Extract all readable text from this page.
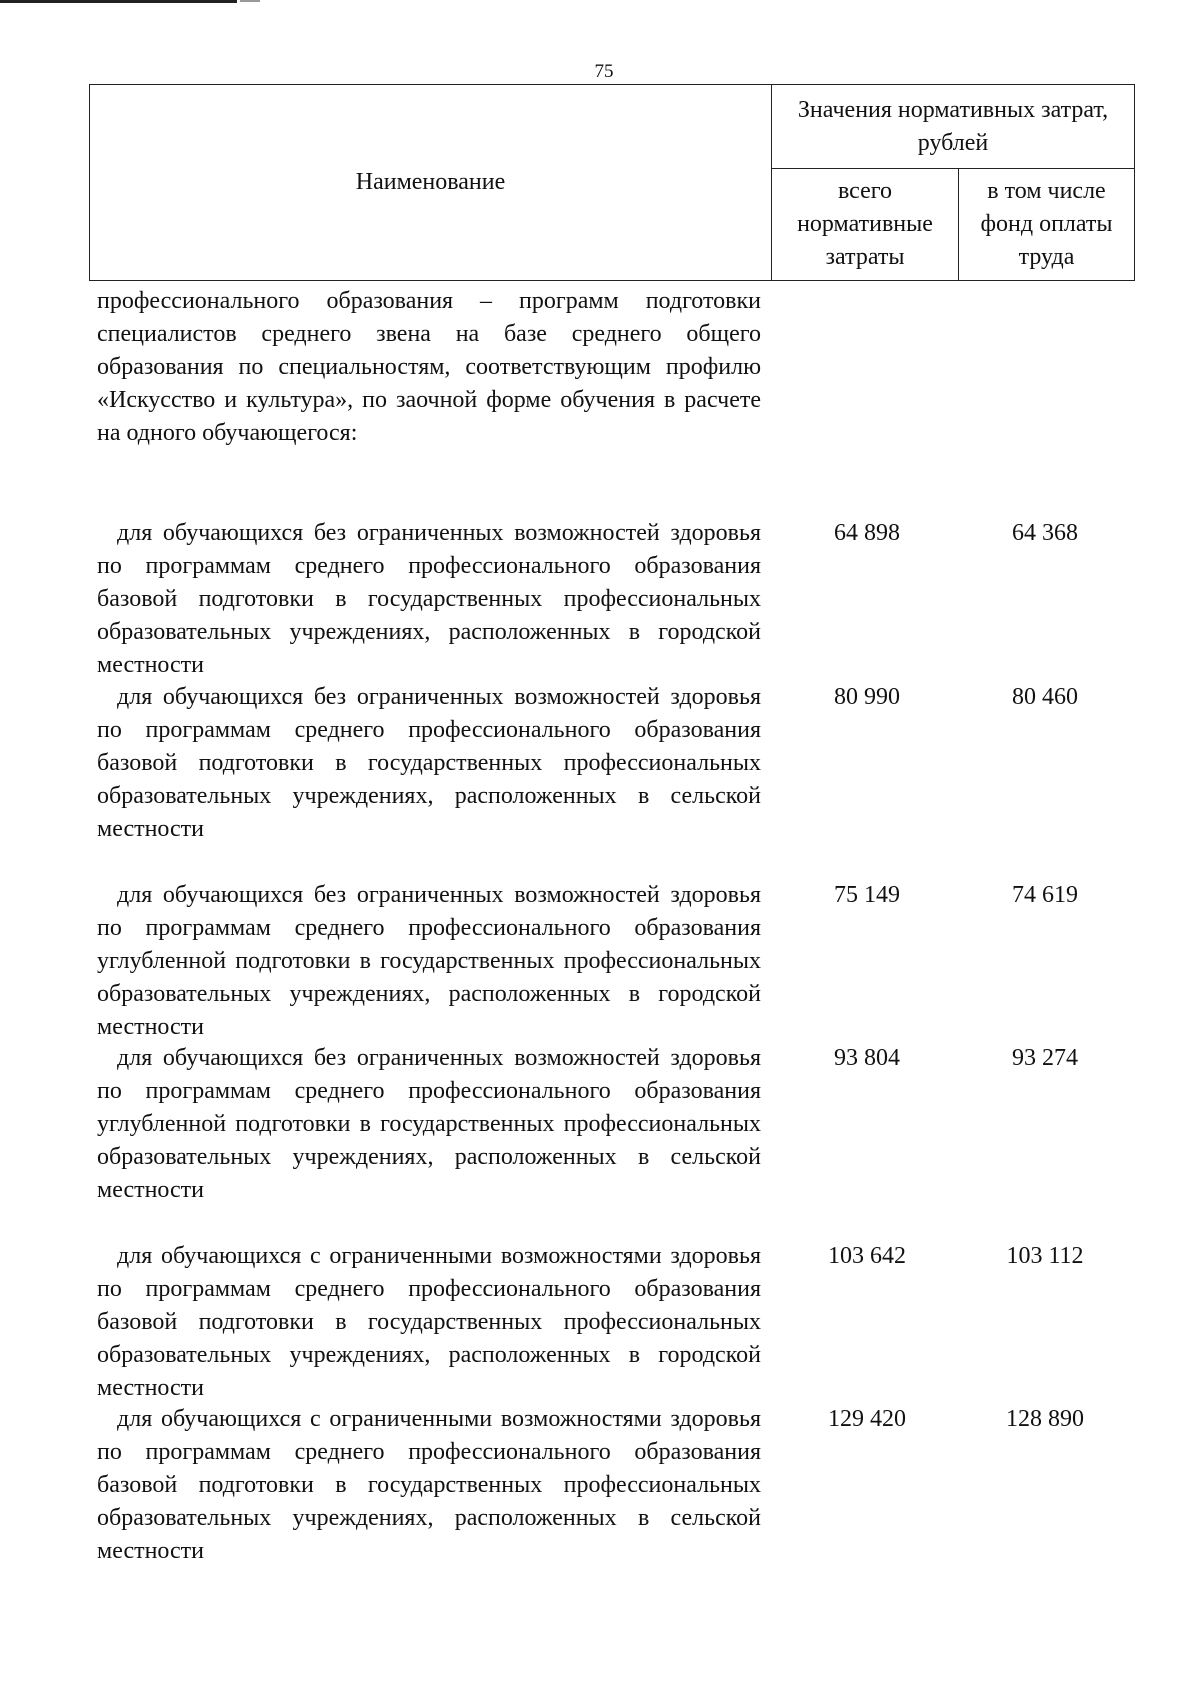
75
Наименование	Значения нормативных затрат, рублей	

	всего нормативные затраты	в том числе фонд оплаты труда
профессионального образования – программ подготовки специалистов среднего звена на базе среднего общего образования по специальностям, соответствующим профилю «Искусство и культура», по заочной форме обучения в расчете на одного обучающегося:
для обучающихся без ограниченных возможностей здоровья по программам среднего профессионального образования базовой подготовки в государственных профессиональных образовательных учреждениях, расположенных в городской местности
64 898	64 368
для обучающихся без ограниченных возможностей здоровья по программам среднего профессионального образования базовой подготовки в государственных профессиональных образовательных учреждениях, расположенных в сельской местности
80 990	80 460
для обучающихся без ограниченных возможностей здоровья по программам среднего профессионального образования углубленной подготовки в государственных профессиональных образовательных учреждениях, расположенных в городской местности
75 149	74 619
для обучающихся без ограниченных возможностей здоровья по программам среднего профессионального образования углубленной подготовки в государственных профессиональных образовательных учреждениях, расположенных в сельской местности
93 804	93 274
для обучающихся с ограниченными возможностями здоровья по программам среднего профессионального образования базовой подготовки в государственных профессиональных образовательных учреждениях, расположенных в городской местности
103 642	103 112
для обучающихся с ограниченными возможностями здоровья по программам среднего профессионального образования базовой подготовки в государственных профессиональных образовательных учреждениях, расположенных в сельской местности
129 420	128 890
